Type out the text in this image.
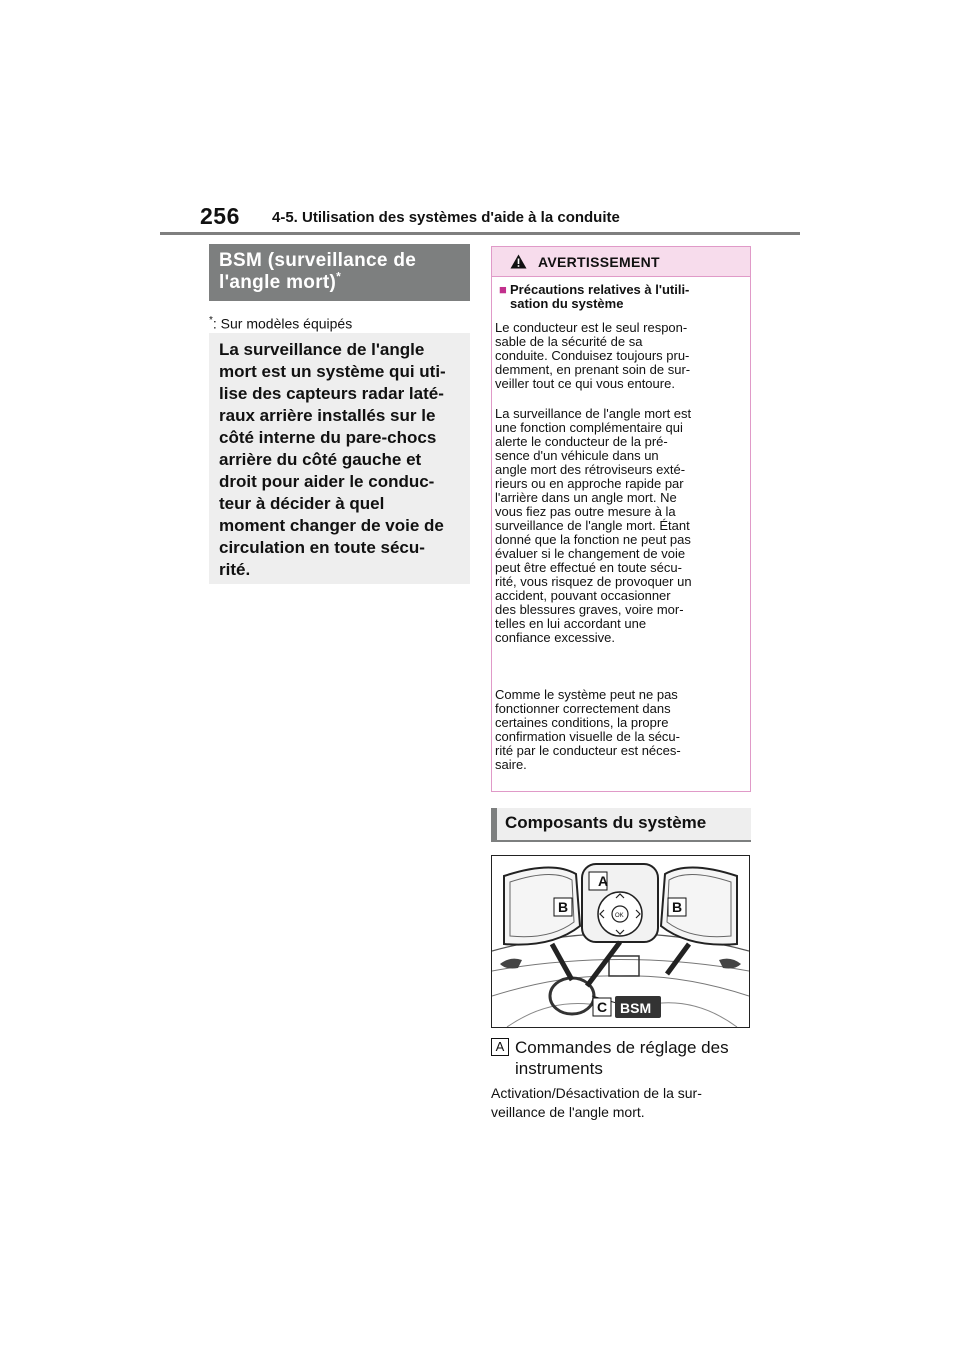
256 4-5. Utilisation des systèmes d'aide à la conduite
BSM (surveillance de
l'angle mort)*
*: Sur modèles équipés
La surveillance de l'angle
mort est un système qui uti-
lise des capteurs radar laté-
raux arrière installés sur le
côté interne du pare-chocs
arrière du côté gauche et
droit pour aider le conduc-
teur à décider à quel
moment changer de voie de
circulation en toute sécu-
rité.
AVERTISSEMENT
■ Précautions relatives à l'utili-
sation du système
Le conducteur est le seul respon-
sable de la sécurité de sa
conduite. Conduisez toujours pru-
demment, en prenant soin de sur-
veiller tout ce qui vous entoure.
La surveillance de l'angle mort est
une fonction complémentaire qui
alerte le conducteur de la pré-
sence d'un véhicule dans un
angle mort des rétroviseurs exté-
rieurs ou en approche rapide par
l'arrière dans un angle mort. Ne
vous fiez pas outre mesure à la
surveillance de l'angle mort. Étant
donné que la fonction ne peut pas
évaluer si le changement de voie
peut être effectué en toute sécu-
rité, vous risquez de provoquer un
accident, pouvant occasionner
des blessures graves, voire mor-
telles en lui accordant une
confiance excessive.
Comme le système peut ne pas
fonctionner correctement dans
certaines conditions, la propre
confirmation visuelle de la sécu-
rité par le conducteur est néces-
saire.
Composants du système
A
B	B
C BSM
OK
A Commandes de réglage des
instruments
Activation/Désactivation de la sur-
veillance de l'angle mort.
